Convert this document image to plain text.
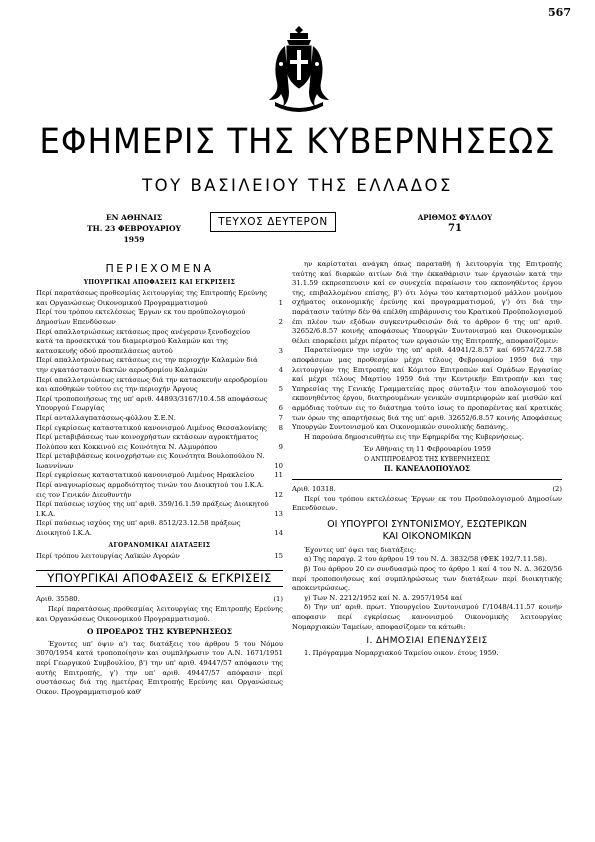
567
ΕΦΗΜΕΡΙΣ ΤΗΣ ΚΥΒΕΡΝΗΣΕΩΣ
ΤΟΥ ΒΑΣΙΛΕΙΟΥ ΤΗΣ ΕΛΛΑΔΟΣ
ΕΝ ΑΘΗΝΑΙΣ
ΤΗ. 23 ΦΕΒΡΟΥΑΡΙΟΥ 1959
ΤΕΥΧΟΣ ΔΕΥΤΕΡΟΝ	ΑΡΙΘΜΟΣ ΦΥΛΛΟΥ
71
ΠΕΡΙΕΧΟΜΕΝΑ
ΥΠΟΥΡΓΙΚΑΙ ΑΠΟΦΑΣΕΙΣ ΚΑΙ ΕΓΚΡΙΣΕΙΣ
Περί παρατάσεως προθεσμίας λειτουργίας της Επιτροπής Ερεύνης και Οργανώσεως Οικονομικού Προγραμματισμού	1
Περί του τρόπου εκτελέσεως Έργων εκ του προϋπολογισμού Δημοσίων Επενδύσεων	2
Περί απαλλοτριώσεως εκτάσεως προς ανέγερσιν ξενοδοχείου κατά τα προσεκτικά του διαμερισμού Καλαμών και της κατασκευής οδού προσπελάσεως αυτού	3
Περί απαλλοτριώσεως εκτάσεως εις την περιοχήν Καλαμών διά την εγκατάστασιν δεκτών αεροδρομίου Καλαμών	4
Περί απαλλοτριώσεως εκτάσεως διά την κατασκευήν αεροδρομίου και αποθηκών τούτου εις την περιοχήν Άργους	5
Περί τροποποιήσεως της υπ' αριθ. 44893/3167/10.4.58 αποφάσεως Υπουργού Γεωργίας	6
Περί ανταλλαγπατάσεως-φύλλου Σ.Ε.Ν.	7
Περί εγκρίσεως καταστατικού κανονισμού Λιμένος Θεσσαλονίκης	8
Περί μεταβιβάσεως των κοινοχρήστων εκτάσεων αγροκτήματος Πολύπου και Κοκκινού εις Κοινότητα Ν. Αλμυρόπου	9
Περί μεταβιβάσεως κοινοχρήστων εις Κοινότητα Βουλοπούλου Ν. Ιωαννίνων	10
Περί εγκρίσεως καταστατικού κανονισμού Λιμένος Ηρακλείου	11
Περί αναγνωρίσεως αρμοδιότητος τινών του Διοικητού του Ι.Κ.Α. εις τον Γενικόν Διευθυντήν	12
Περί παύσεως ισχύος της υπ' αριθ. 359/16.1.59 πράξεως Διοικητού Ι.Κ.Α.	13
Περί παύσεως ισχύος της υπ' αριθ. 8512/23.12.58 πράξεως Διοικητού Ι.Κ.Α.	14
ΑΓΟΡΑΝΟΜΙΚΑΙ ΔΙΑΤΑΞΕΙΣ
Περί τρόπου λειτουργίας Λαϊκών Αγορών	15
ΥΠΟΥΡΓΙΚΑΙ ΑΠΟΦΑΣΕΙΣ & ΕΓΚΡΙΣΕΙΣ
Αριθ. 35580.	(1)

Περί παρατάσεως προθεσμίας λειτουργίας της Επιτροπής Ερεύνης και Οργανώσεως Οικονομικού Προγραμματισμού.

Ο ΠΡΟΕΔΡΟΣ ΤΗΣ ΚΥΒΕΡΝΗΣΕΩΣ

Έχοντες υπ' όψιν α') τας διατάξεις του άρθρου 5 του Νόμου 3070/1954 κατά τροποποίησιν και συμπλήρωσιν του Α.Ν. 1671/1951 περί Γεωργικού Συμβουλίου, β') την υπ' αριθ. 49447/57 απόφασιν της αυτής Επιτροπής, γ') την υπ' αριθ. 49447/57 απόφασιν περί συστάσεως διά της ημετέρας Επιτροπής Ερεύνης και Οργανώσεως Οικον. Προγραμματισμού καθ'

ην καρίσταται ανάγκη όπως παραταθή ή λειτουργία της Επιτροπής ταύτης καί διαρκών αιτίων διά την έκκαθάρισιν των έργασιών κατά την 31.1.59 εκπρεσπευσιν καί εν συνεχεία περαίωσιν του εκπονηθέντος έργου της, επιβαλλομένου επίσης, β') ότι λόγω του καταρτισμού μάλλον μονίμου σχήματος οικονομικής έρεύνης καί προγραμματισμού, γ') ότι διά την παράτασιν ταύτην δέν θά επέλθη επιβάρυνσις του Κρατικού Προϋπολογισμού έπι πλέον των εξόδων συγκεντρωθεισών διά το άρθρον 6 της υπ' αριθ. 32652/6.8.57 κοινής αποφάσεως Υπουργών Συντονισμού και Οικονομικών θέλει επαρκέσει μέχρι πέρατος των εργασιών της Επιτροπής, αποφασίζομεν:

Παρατείνομεν την ισχύν της υπ' αριθ. 44941/2.8.57 καί 69574/22.7.58 αποφάσεων μας προθεσμίαν μέχρι τέλους Φεβρουαρίου 1959 διά την λειτουργίαν της Επιτροπής καί Κόμιτου Επιτροπών καί Ομάδων Εργασίας καί μέχρι τέλους Μαρτίου 1959 διά την Κεντρικήν Επιτροπήν και τας Υπηρεσίας της Γενικής Γραμματείας προς σύνταξιν του απολογισμού του εκπονηθέντος έργου, διατηρουμένων γενικών συμπεριφορών καί μισθών καί αρμόδιας τούτων εις το διάστημα τούτο ίσως το προπαρέντας καί κρατικάς των όρων της απαρτήσεως διά της υπ' αριθ. 32652/6.8.57 κοινής Αποφάσεως Υπουργών Συντονισμού και Οικονομικών συνολικής δαπάνης.

Η παρούσα δημοσιευθήτω εις την Εφημερίδα της Κυβερνήσεως.

Έν Αθήναις τη 11 Φεβρουαρίου 1959
Ο ΑΝΤΙΠΡΟΕΔΡΟΣ ΤΗΣ ΚΥΒΕΡΝΗΣΕΩΣ
Π. ΚΑΝΕΛΛΟΠΟΥΛΟΣ
Αριθ. 10318.	(2)

Περί του τρόπου εκτελέσεως Έργων εκ του Προϋπολογισμού Δημοσίων Επενδύσεων.

ΟΙ ΥΠΟΥΡΓΟΙ ΣΥΝΤΟΝΙΣΜΟΥ, ΕΣΩΤΕΡΙΚΩΝ
ΚΑΙ ΟΙΚΟΝΟΜΙΚΩΝ

Έχοντες υπ' όψει τας διατάξεις:

α) Της παραγρ. 2 του άρθρου 19 του Ν. Δ. 3832/58 (ΦΕΚ 192/7.11.58).

β) Του άρθρου 20 εν συνδυασμώ προς το άρθρο 1 καί 4 του Ν. Δ. 3620/56 περί τροποποιήσεως καί συμπληρώσεως των διατάξεων περί διοικητικής αποκεντρώσεως.

γ) Των Ν. 2212/1952 καί Ν. Δ. 2957/1954 καί

δ) Την υπ' αριθ. πρωτ. Υπουργείου Συντονισμού Γ/1048/4.11.57 κοινήν αποφασιν περί εγκρίσεως κανονισμού Οικονομικής λειτουργίας Νομαρχιακών Ταμείων, αποφασίζομεν τα κάτωθι:

Ι. ΔΗΜΟΣΙΑΙ ΕΠΕΝΔΥΣΕΙΣ

1. Πρόγραμμα Νομαρχιακού Ταμείου οικον. έτους 1959.
